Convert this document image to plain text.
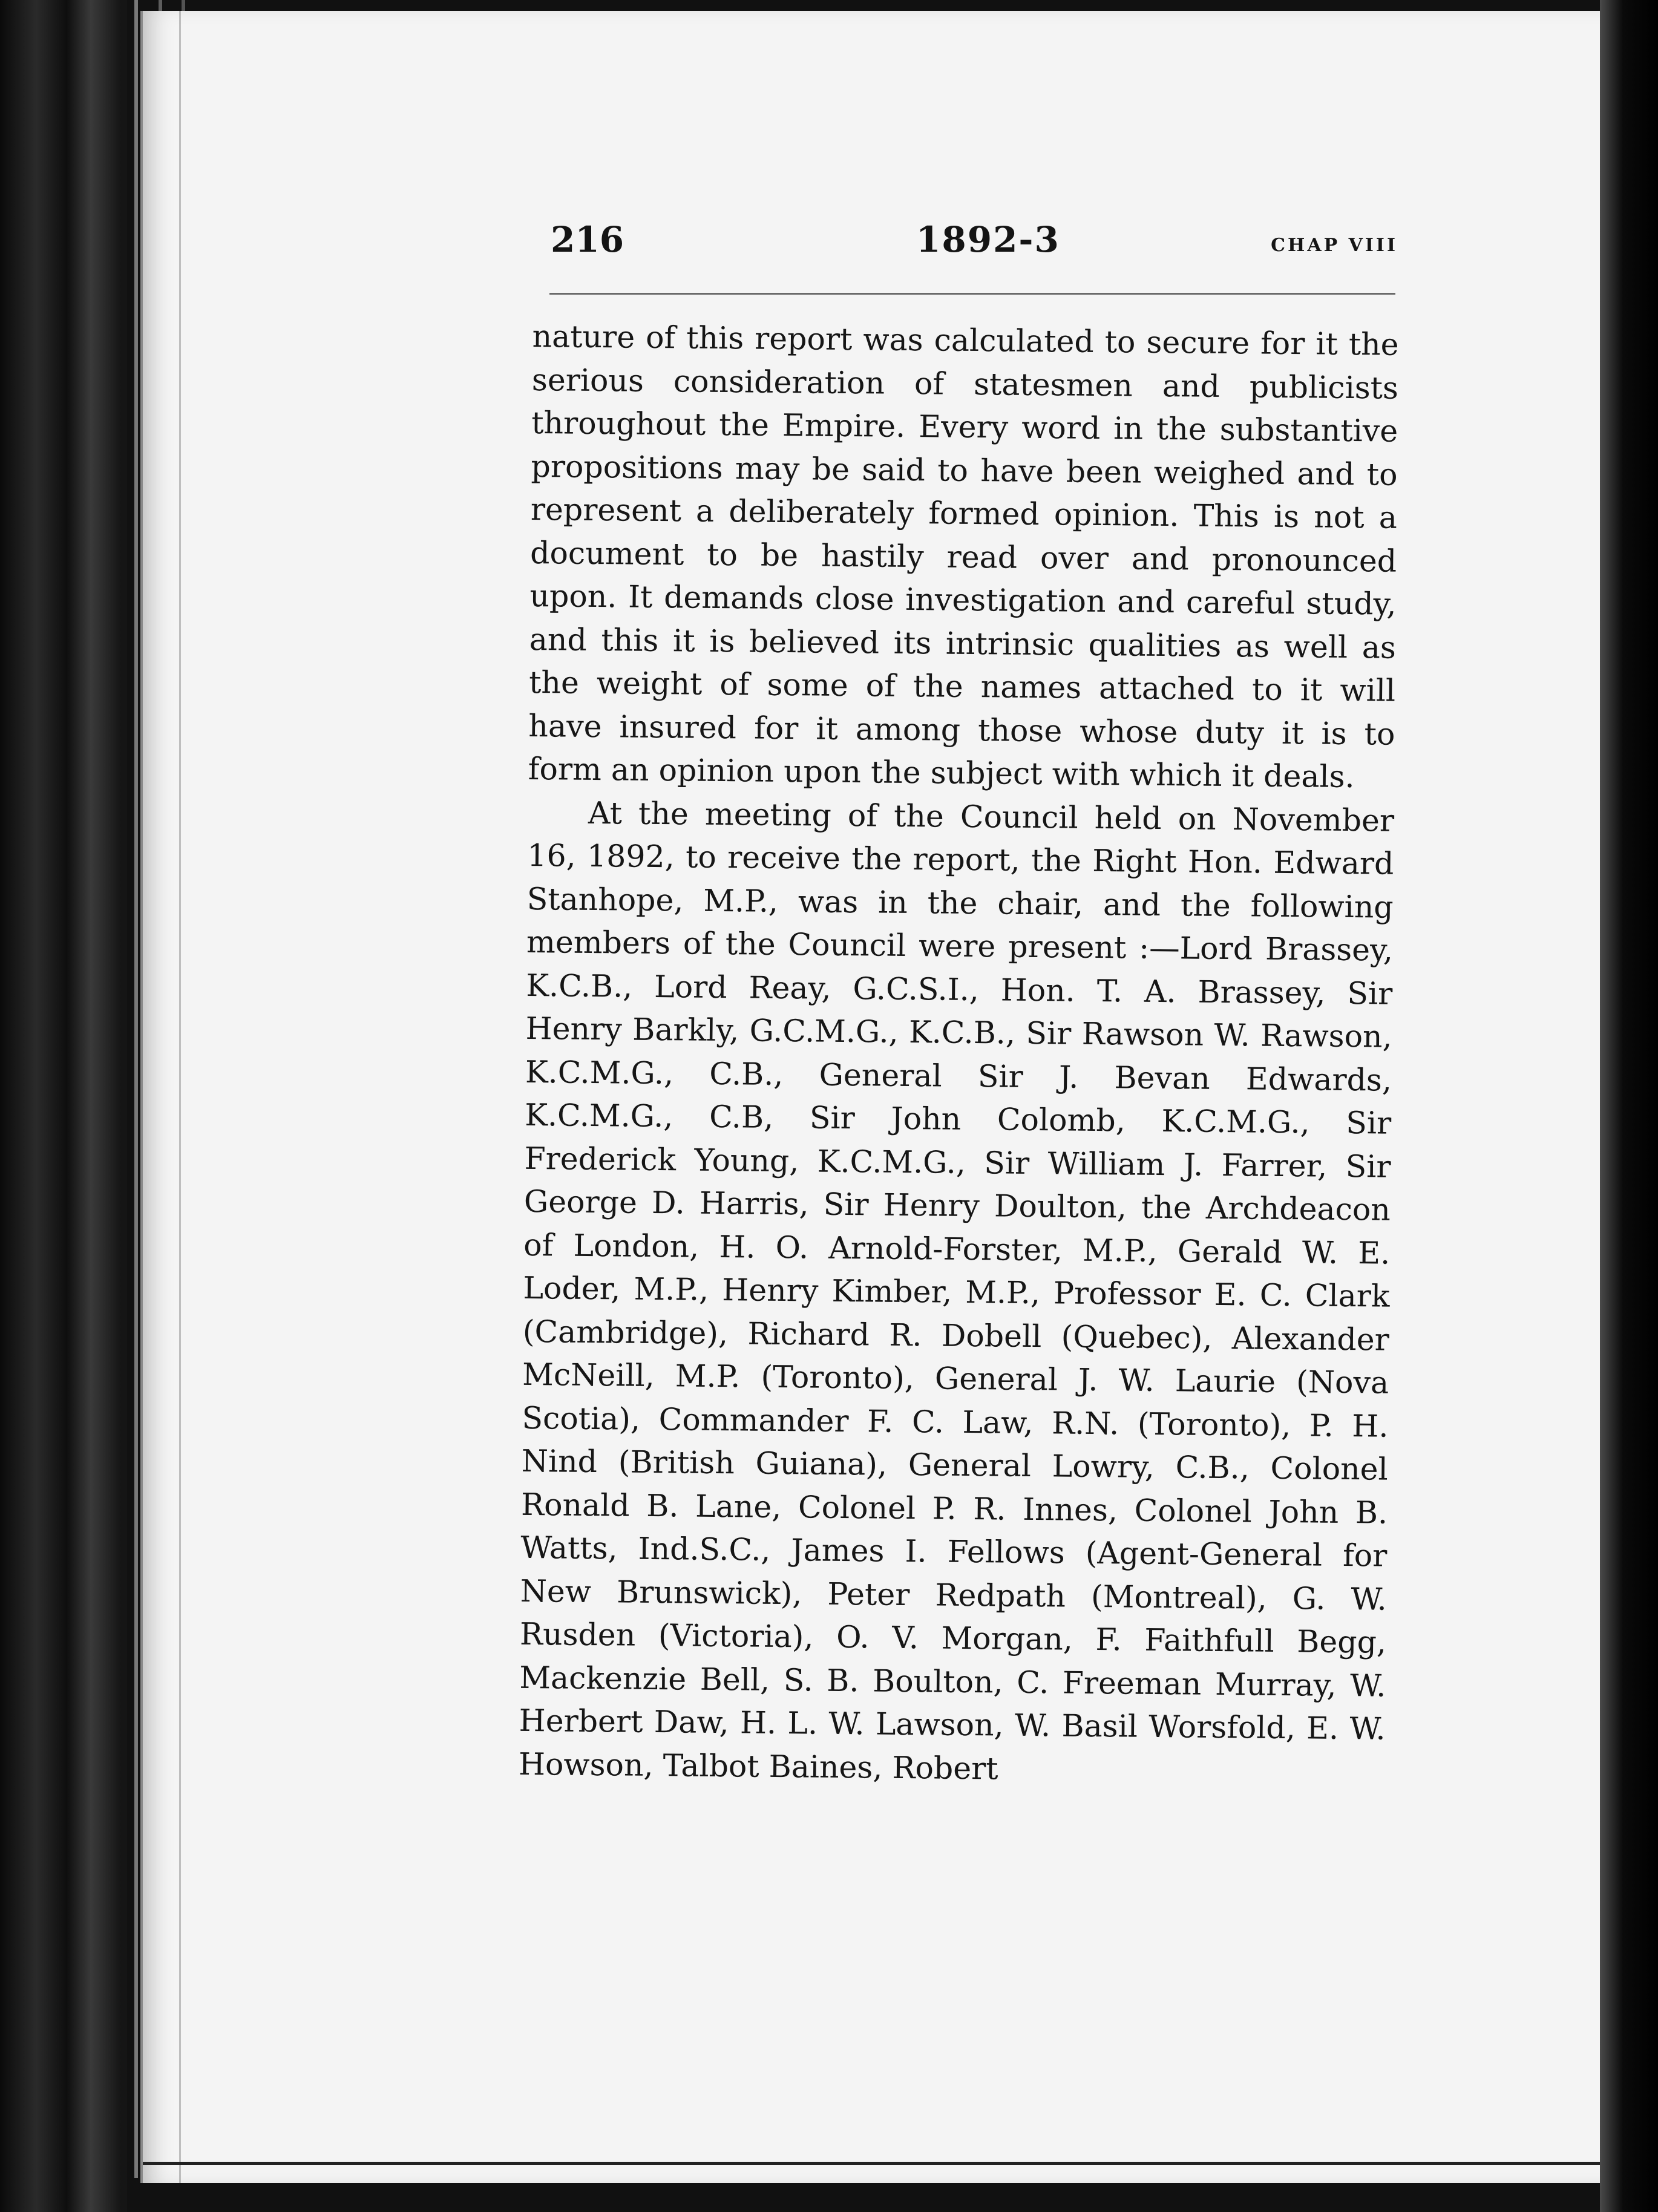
216	1892-3	CHAP VIII

nature of this report was calculated to secure for it the serious consideration of statesmen and publicists throughout the Empire. Every word in the substantive propositions may be said to have been weighed and to represent a deliberately formed opinion. This is not a document to be hastily read over and pronounced upon. It demands close investigation and careful study, and this it is believed its intrinsic qualities as well as the weight of some of the names attached to it will have insured for it among those whose duty it is to form an opinion upon the subject with which it deals.

At the meeting of the Council held on November 16, 1892, to receive the report, the Right Hon. Edward Stanhope, M.P., was in the chair, and the following members of the Council were present :—Lord Brassey, K.C.B., Lord Reay, G.C.S.I., Hon. T. A. Brassey, Sir Henry Barkly, G.C.M.G., K.C.B., Sir Rawson W. Rawson, K.C.M.G., C.B., General Sir J. Bevan Edwards, K.C.M.G., C.B, Sir John Colomb, K.C.M.G., Sir Frederick Young, K.C.M.G., Sir William J. Farrer, Sir George D. Harris, Sir Henry Doulton, the Archdeacon of London, H. O. Arnold-Forster, M.P., Gerald W. E. Loder, M.P., Henry Kimber, M.P., Professor E. C. Clark (Cambridge), Richard R. Dobell (Quebec), Alexander McNeill, M.P. (Toronto), General J. W. Laurie (Nova Scotia), Commander F. C. Law, R.N. (Toronto), P. H. Nind (British Guiana), General Lowry, C.B., Colonel Ronald B. Lane, Colonel P. R. Innes, Colonel John B. Watts, Ind.S.C., James I. Fellows (Agent-General for New Brunswick), Peter Redpath (Montreal), G. W. Rusden (Victoria), O. V. Morgan, F. Faithfull Begg, Mackenzie Bell, S. B. Boulton, C. Freeman Murray, W. Herbert Daw, H. L. W. Lawson, W. Basil Worsfold, E. W. Howson, Talbot Baines, Robert
